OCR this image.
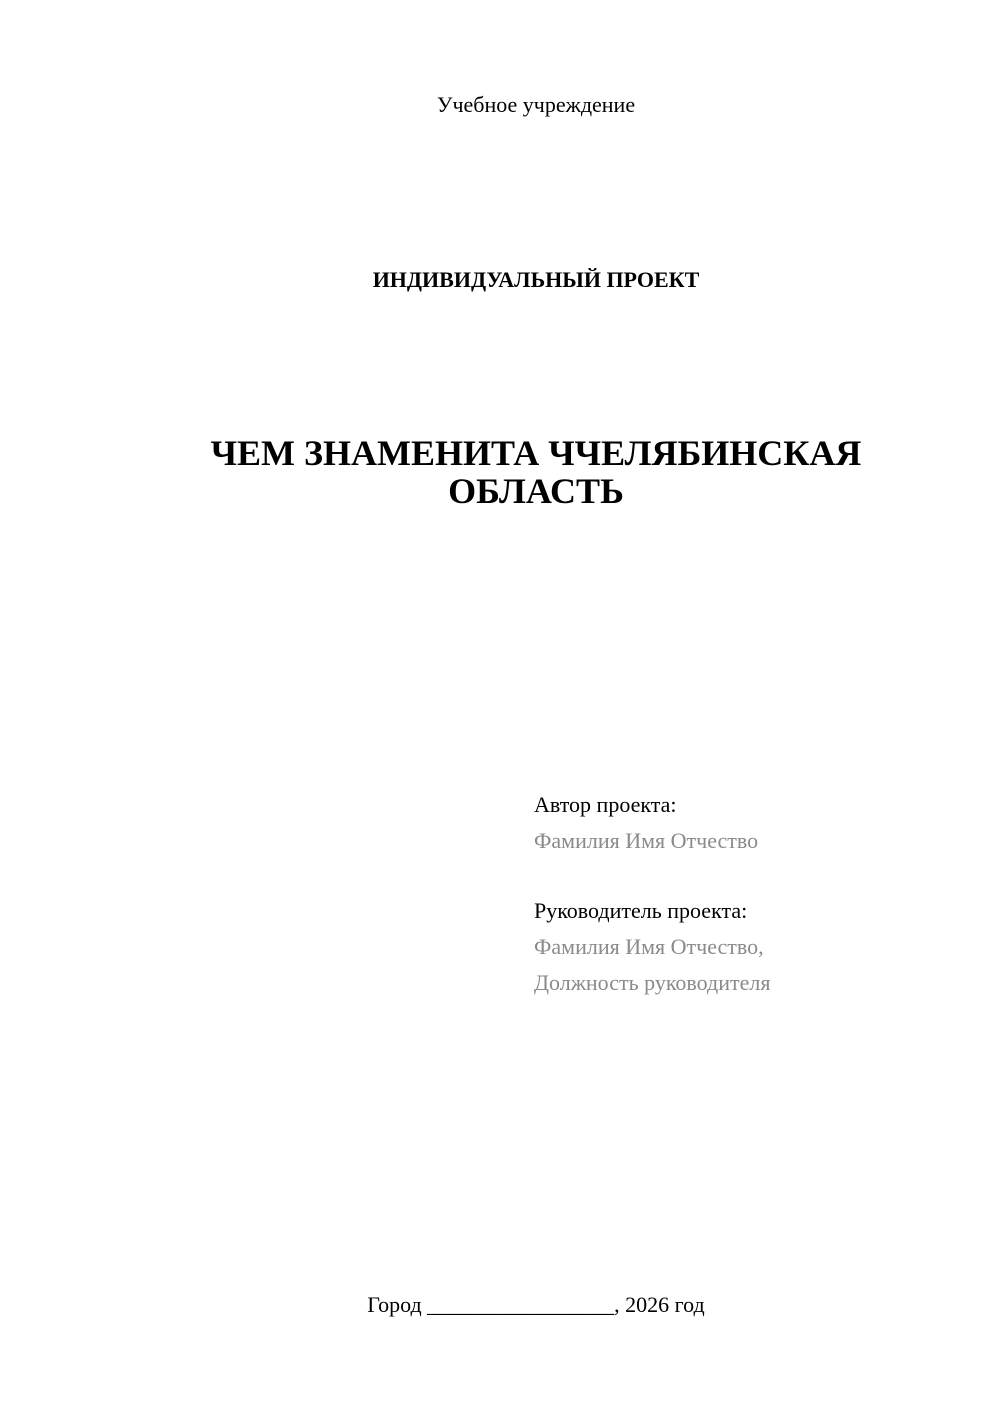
Учебное учреждение
ИНДИВИДУАЛЬНЫЙ ПРОЕКТ
ЧЕМ ЗНАМЕНИТА ЧЧЕЛЯБИНСКАЯ
ОБЛАСТЬ
Автор проекта:
Фамилия Имя Отчество
Руководитель проекта:
Фамилия Имя Отчество,
Должность руководителя
Город _________________, 2026 год
